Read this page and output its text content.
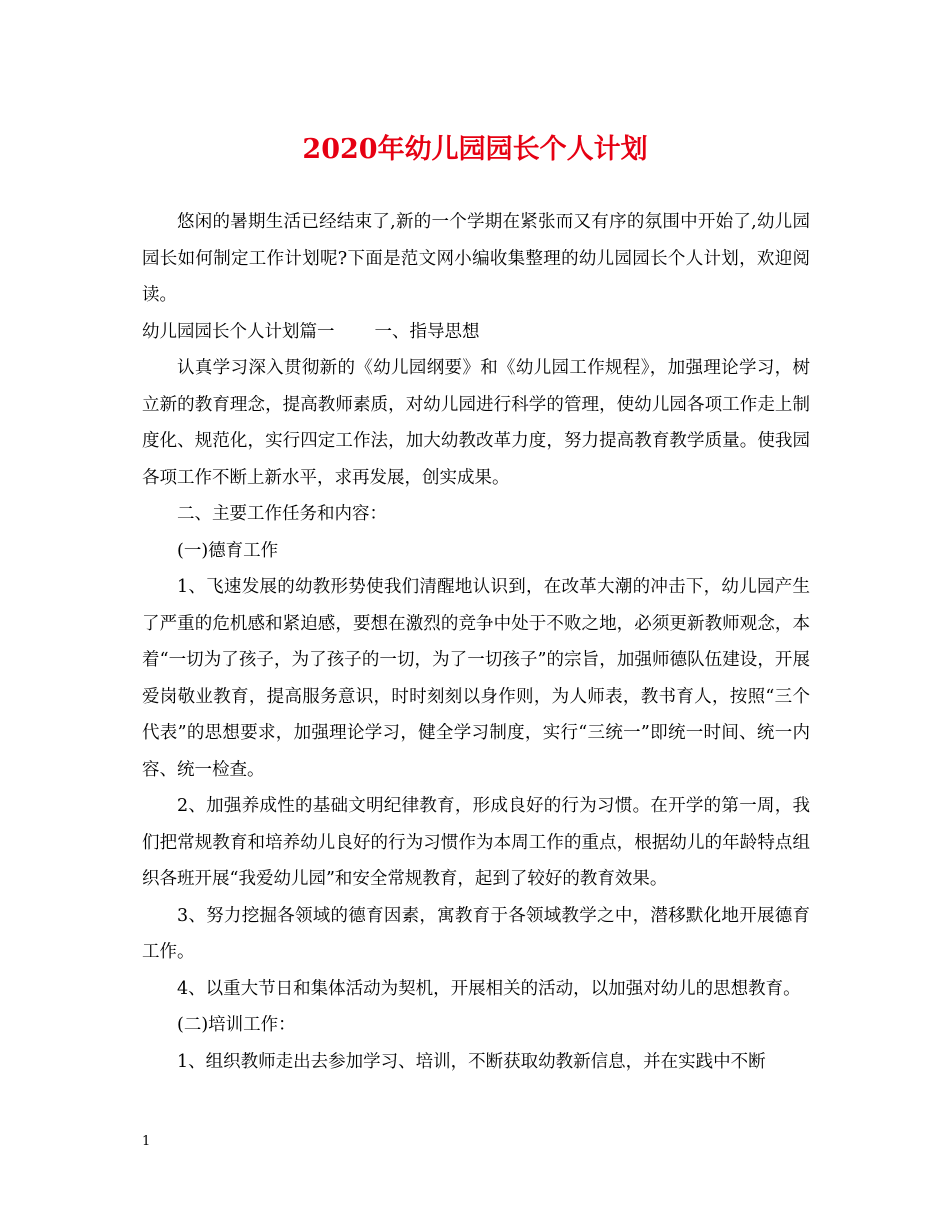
2020年幼儿园园长个人计划

悠闲的暑期生活已经结束了,新的一个学期在紧张而又有序的氛围中开始了,幼儿园园长如何制定工作计划呢?下面是范文网小编收集整理的幼儿园园长个人计划，欢迎阅读。

幼儿园园长个人计划篇一 一、指导思想

认真学习深入贯彻新的《幼儿园纲要》和《幼儿园工作规程》，加强理论学习，树立新的教育理念，提高教师素质，对幼儿园进行科学的管理，使幼儿园各项工作走上制度化、规范化，实行四定工作法，加大幼教改革力度，努力提高教育教学质量。使我园各项工作不断上新水平，求再发展，创实成果。

二、主要工作任务和内容：

(一)德育工作

1、飞速发展的幼教形势使我们清醒地认识到，在改革大潮的冲击下，幼儿园产生了严重的危机感和紧迫感，要想在激烈的竞争中处于不败之地，必须更新教师观念，本着“一切为了孩子，为了孩子的一切，为了一切孩子”的宗旨，加强师德队伍建设，开展爱岗敬业教育，提高服务意识，时时刻刻以身作则，为人师表，教书育人，按照“三个代表”的思想要求，加强理论学习，健全学习制度，实行“三统一”即统一时间、统一内容、统一检查。

2、加强养成性的基础文明纪律教育，形成良好的行为习惯。在开学的第一周，我们把常规教育和培养幼儿良好的行为习惯作为本周工作的重点，根据幼儿的年龄特点组织各班开展“我爱幼儿园”和安全常规教育，起到了较好的教育效果。

3、努力挖掘各领域的德育因素，寓教育于各领域教学之中，潜移默化地开展德育工作。

4、以重大节日和集体活动为契机，开展相关的活动，以加强对幼儿的思想教育。

(二)培训工作：

1、组织教师走出去参加学习、培训，不断获取幼教新信息，并在实践中不断

1
